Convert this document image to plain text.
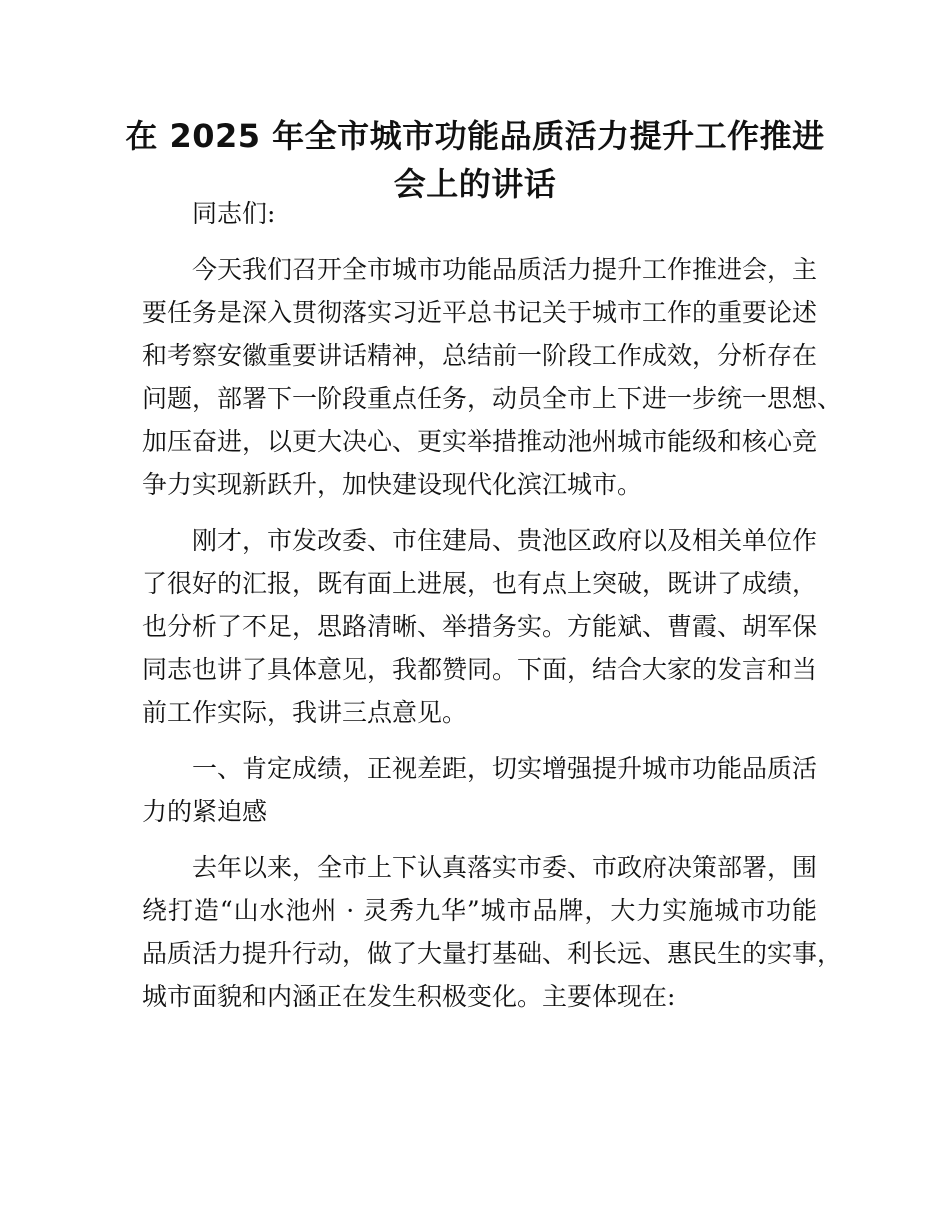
在 2025 年全市城市功能品质活力提升工作推进
会上的讲话
同志们:
今天我们召开全市城市功能品质活力提升工作推进会，主
要任务是深入贯彻落实习近平总书记关于城市工作的重要论述
和考察安徽重要讲话精神，总结前一阶段工作成效，分析存在
问题，部署下一阶段重点任务，动员全市上下进一步统一思想、
加压奋进，以更大决心、更实举措推动池州城市能级和核心竞
争力实现新跃升，加快建设现代化滨江城市。
刚才，市发改委、市住建局、贵池区政府以及相关单位作
了很好的汇报，既有面上进展，也有点上突破，既讲了成绩，
也分析了不足，思路清晰、举措务实。方能斌、曹霞、胡军保
同志也讲了具体意见，我都赞同。下面，结合大家的发言和当
前工作实际，我讲三点意见。
一、肯定成绩，正视差距，切实增强提升城市功能品质活
力的紧迫感
去年以来，全市上下认真落实市委、市政府决策部署，围
绕打造“山水池州 · 灵秀九华”城市品牌，大力实施城市功能
品质活力提升行动，做了大量打基础、利长远、惠民生的实事，
城市面貌和内涵正在发生积极变化。主要体现在:
